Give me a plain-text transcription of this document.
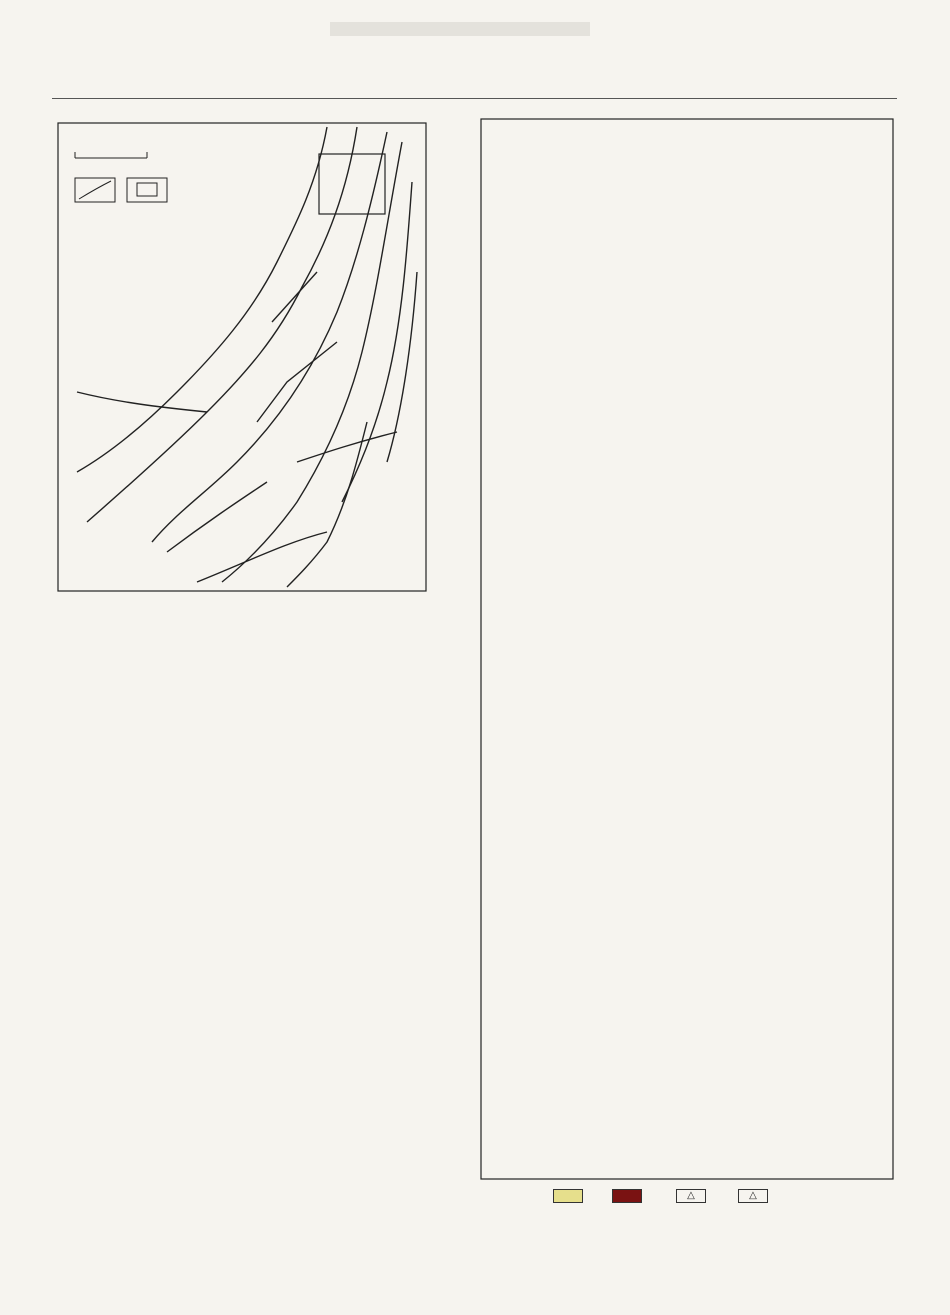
△	△
